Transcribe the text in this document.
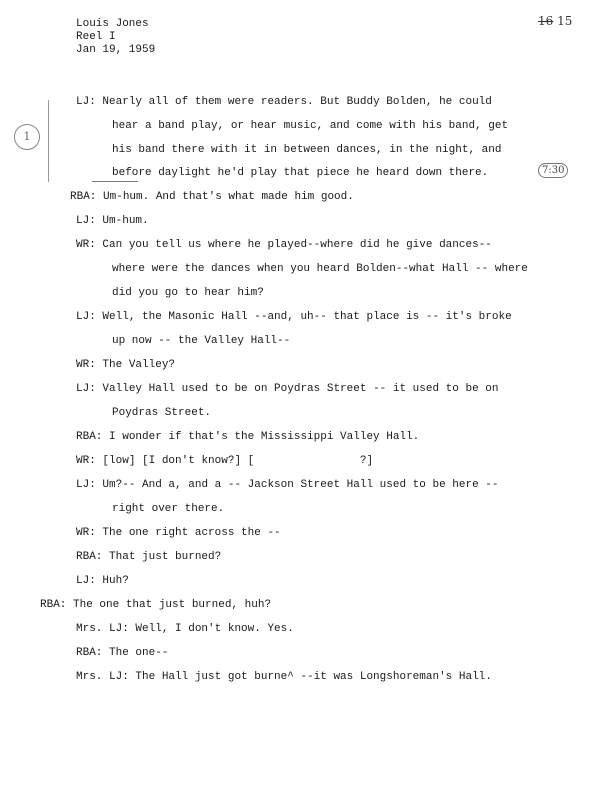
Louis Jones
Reel I
Jan 19, 1959
16 15
1
7:30
LJ: Nearly all of them were readers. But Buddy Bolden, he could
hear a band play, or hear music, and come with his band, get
his band there with it in between dances, in the night, and
before daylight he'd play that piece he heard down there.
RBA: Um-hum. And that's what made him good.
LJ: Um-hum.
WR: Can you tell us where he played--where did he give dances--
where were the dances when you heard Bolden--what Hall -- where
did you go to hear him?
LJ: Well, the Masonic Hall --and, uh-- that place is -- it's broke
up now -- the Valley Hall--
WR: The Valley?
LJ: Valley Hall used to be on Poydras Street -- it used to be on
Poydras Street.
RBA: I wonder if that's the Mississippi Valley Hall.
WR: [low] [I don't know?] [                ?]
LJ: Um?-- And a, and a -- Jackson Street Hall used to be here --
right over there.
WR: The one right across the --
RBA: That just burned?
LJ: Huh?
RBA: The one that just burned, huh?
Mrs. LJ: Well, I don't know. Yes.
RBA: The one--
Mrs. LJ: The Hall just got burne^ --it was Longshoreman's Hall.
